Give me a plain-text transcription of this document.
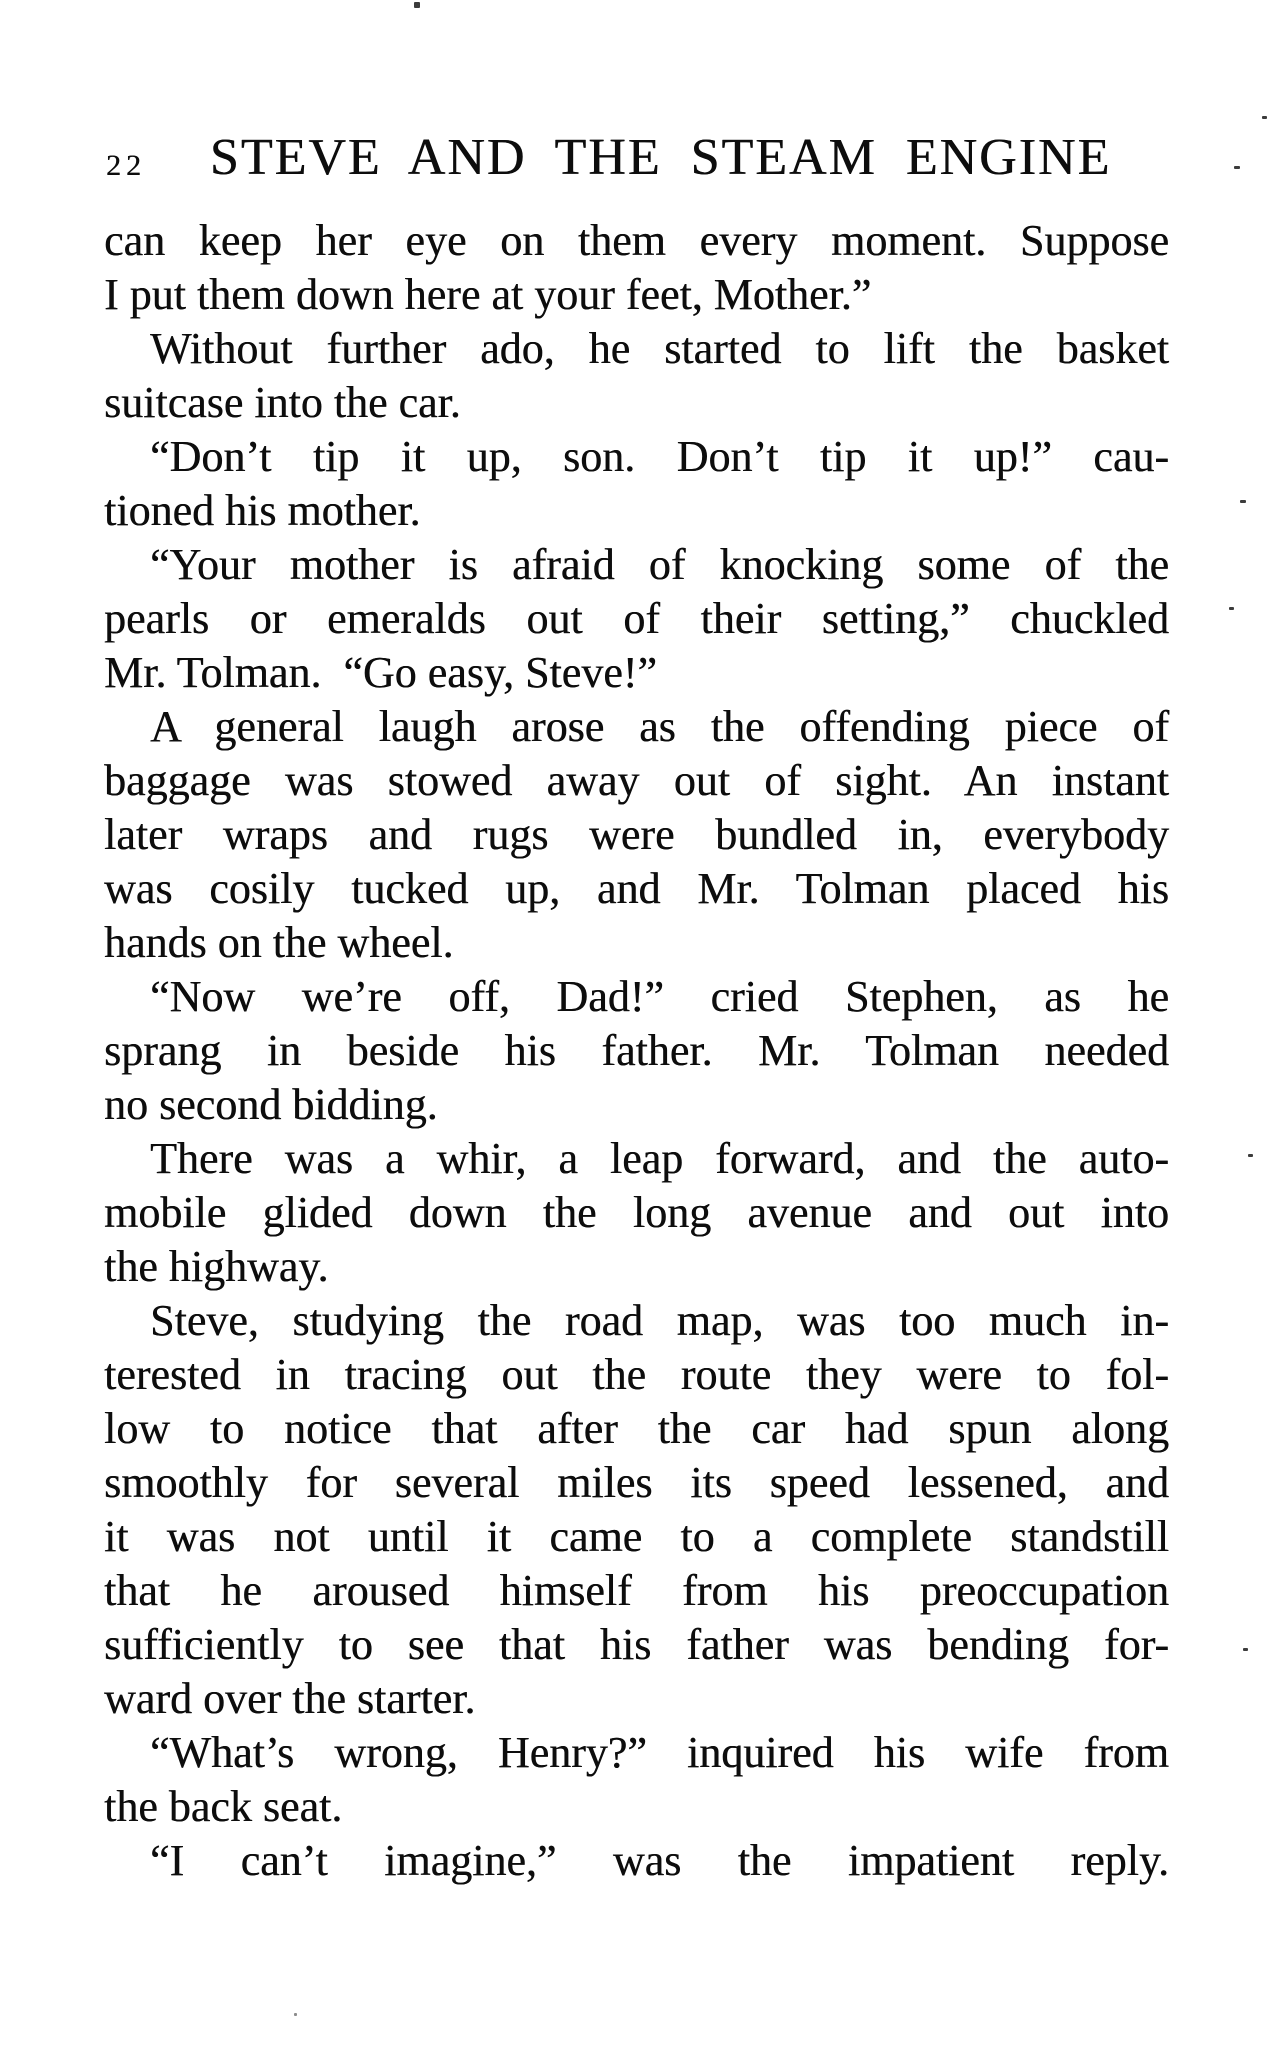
22	STEVE AND THE STEAM ENGINE
can keep her eye on them every moment. Suppose
I put them down here at your feet, Mother.”
Without further ado, he started to lift the basket
suitcase into the car.
“Don’t tip it up, son. Don’t tip it up!” cau-
tioned his mother.
“Your mother is afraid of knocking some of the
pearls or emeralds out of their setting,” chuckled
Mr. Tolman. “Go easy, Steve!”
A general laugh arose as the offending piece of
baggage was stowed away out of sight. An instant
later wraps and rugs were bundled in, everybody
was cosily tucked up, and Mr. Tolman placed his
hands on the wheel.
“Now we’re off, Dad!” cried Stephen, as he
sprang in beside his father. Mr. Tolman needed
no second bidding.
There was a whir, a leap forward, and the auto-
mobile glided down the long avenue and out into
the highway.
Steve, studying the road map, was too much in-
terested in tracing out the route they were to fol-
low to notice that after the car had spun along
smoothly for several miles its speed lessened, and
it was not until it came to a complete standstill
that he aroused himself from his preoccupation
sufficiently to see that his father was bending for-
ward over the starter.
“What’s wrong, Henry?” inquired his wife from
the back seat.
“I can’t imagine,” was the impatient reply.
